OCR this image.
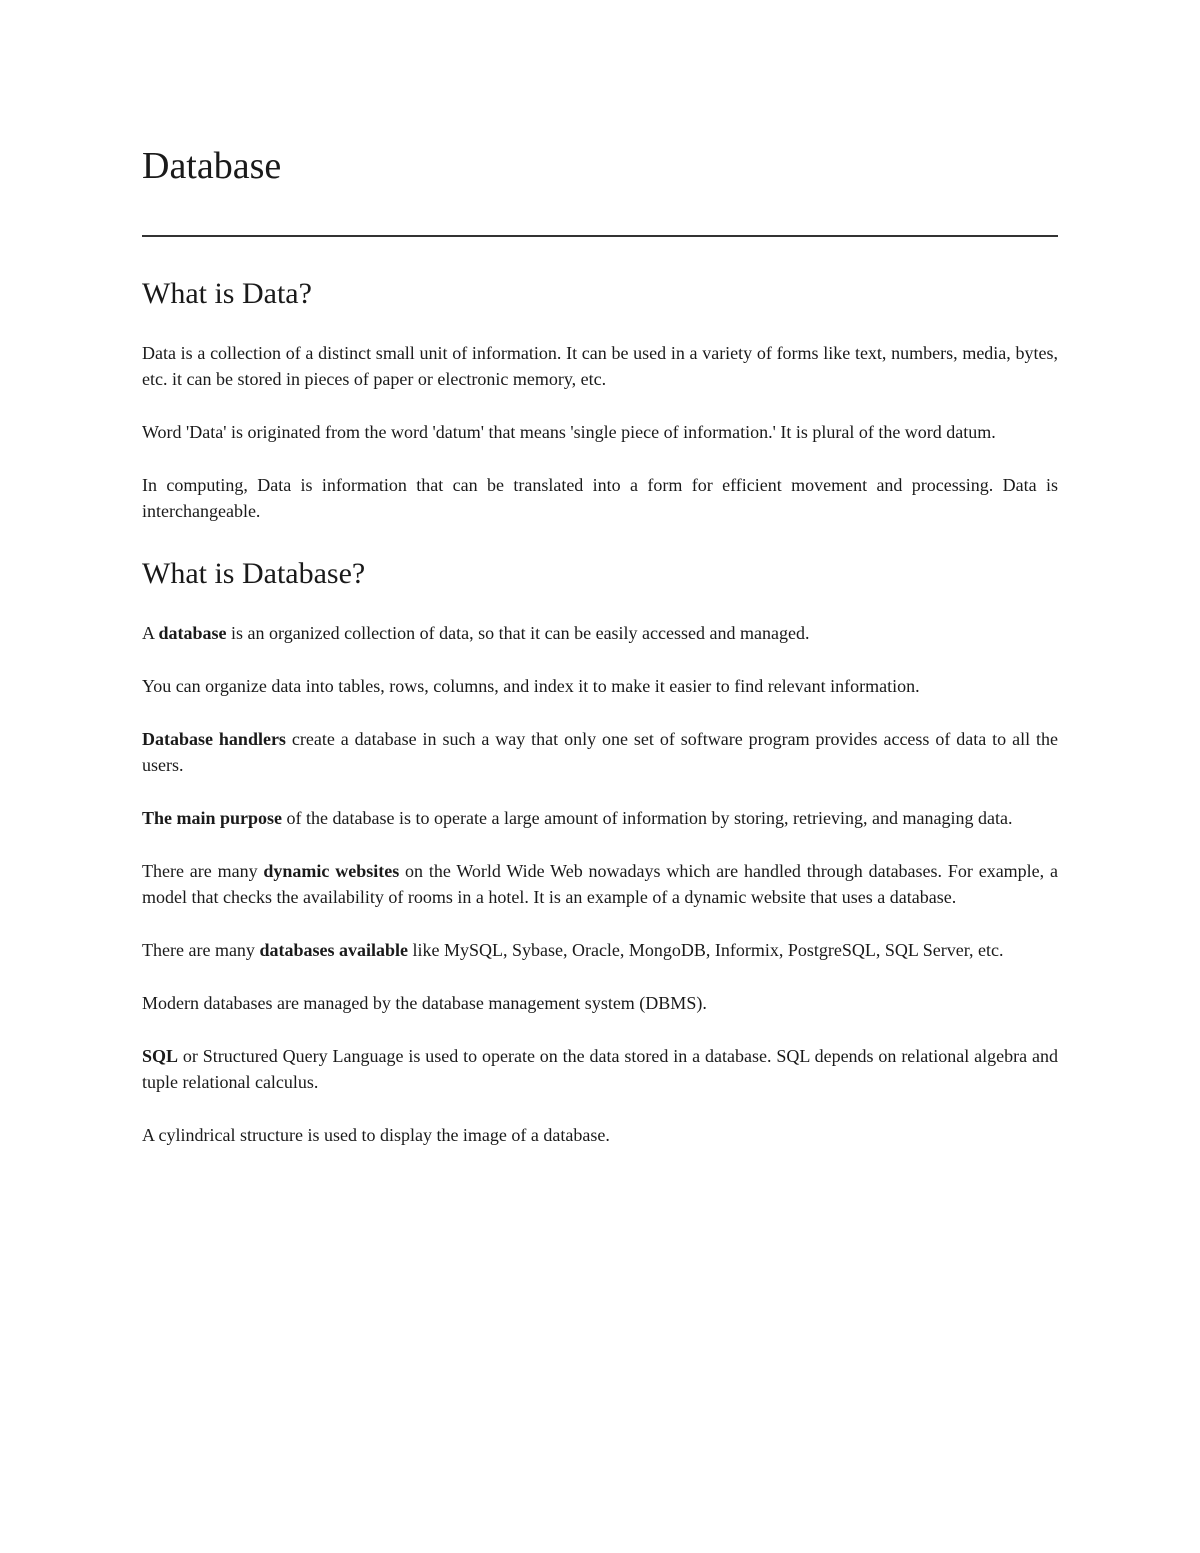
Database
What is Data?

Data is a collection of a distinct small unit of information. It can be used in a variety of forms like text, numbers, media, bytes, etc. it can be stored in pieces of paper or electronic memory, etc.

Word 'Data' is originated from the word 'datum' that means 'single piece of information.' It is plural of the word datum.

In computing, Data is information that can be translated into a form for efficient movement and processing. Data is interchangeable.

What is Database?

A database is an organized collection of data, so that it can be easily accessed and managed.

You can organize data into tables, rows, columns, and index it to make it easier to find relevant information.

Database handlers create a database in such a way that only one set of software program provides access of data to all the users.

The main purpose of the database is to operate a large amount of information by storing, retrieving, and managing data.

There are many dynamic websites on the World Wide Web nowadays which are handled through databases. For example, a model that checks the availability of rooms in a hotel. It is an example of a dynamic website that uses a database.

There are many databases available like MySQL, Sybase, Oracle, MongoDB, Informix, PostgreSQL, SQL Server, etc.

Modern databases are managed by the database management system (DBMS).

SQL or Structured Query Language is used to operate on the data stored in a database. SQL depends on relational algebra and tuple relational calculus.

A cylindrical structure is used to display the image of a database.
